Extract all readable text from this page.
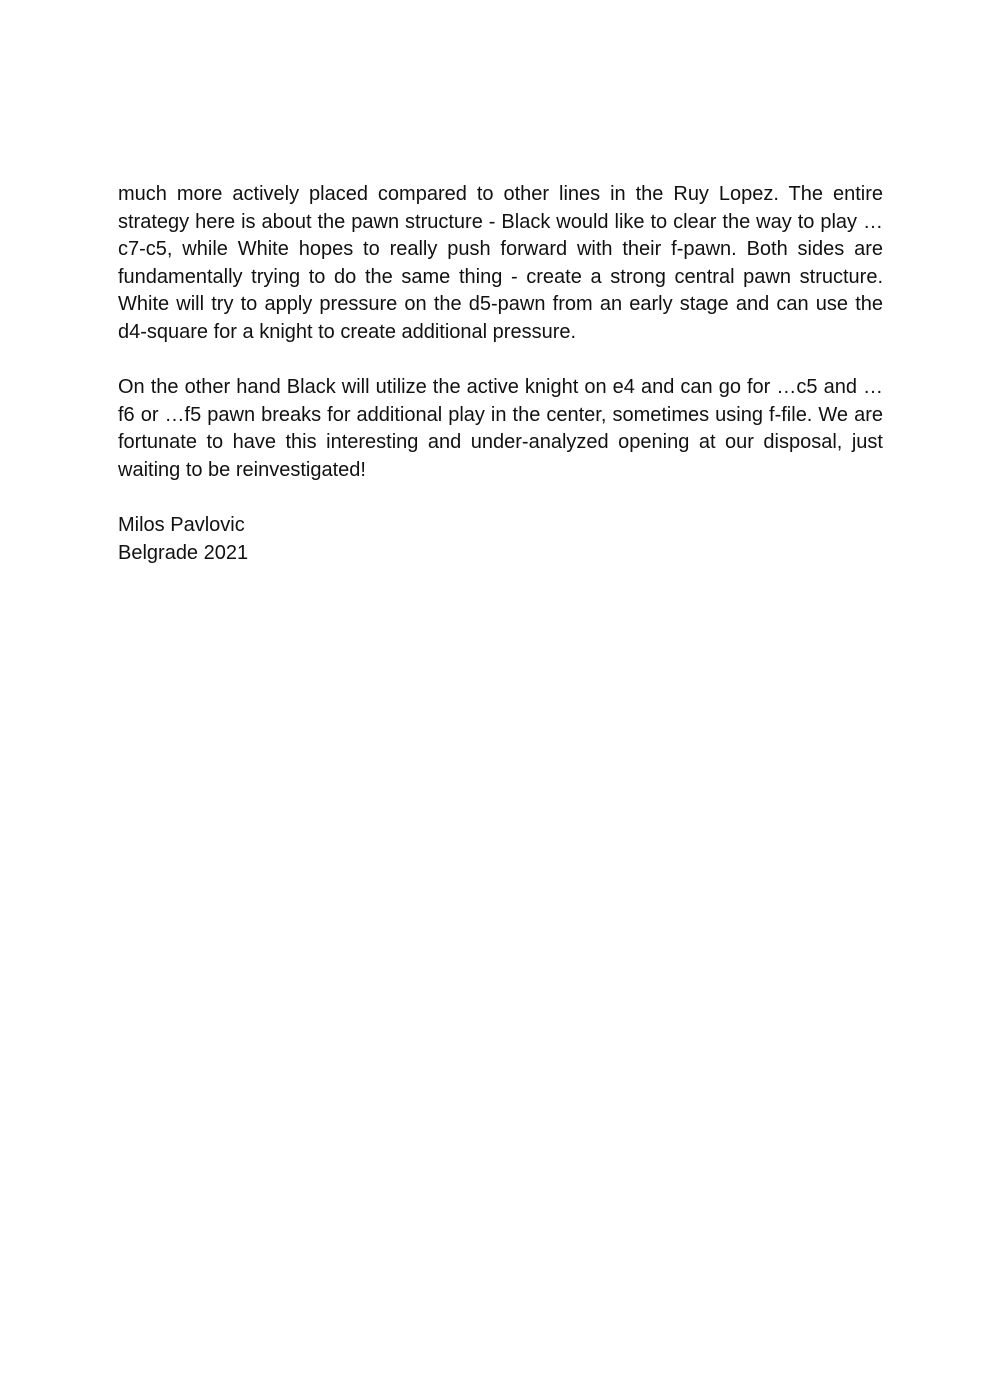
much more actively placed compared to other lines in the Ruy Lopez. The entire strategy here is about the pawn structure - Black would like to clear the way to play …c7-c5, while White hopes to really push forward with their f-pawn. Both sides are fundamentally trying to do the same thing - create a strong central pawn structure. White will try to apply pressure on the d5-pawn from an early stage and can use the d4-square for a knight to create additional pressure.

On the other hand Black will utilize the active knight on e4 and can go for …c5 and …f6 or …f5 pawn breaks for additional play in the center, sometimes using f-file. We are fortunate to have this interesting and under-analyzed opening at our disposal, just waiting to be reinvestigated!

Milos Pavlovic
Belgrade 2021
